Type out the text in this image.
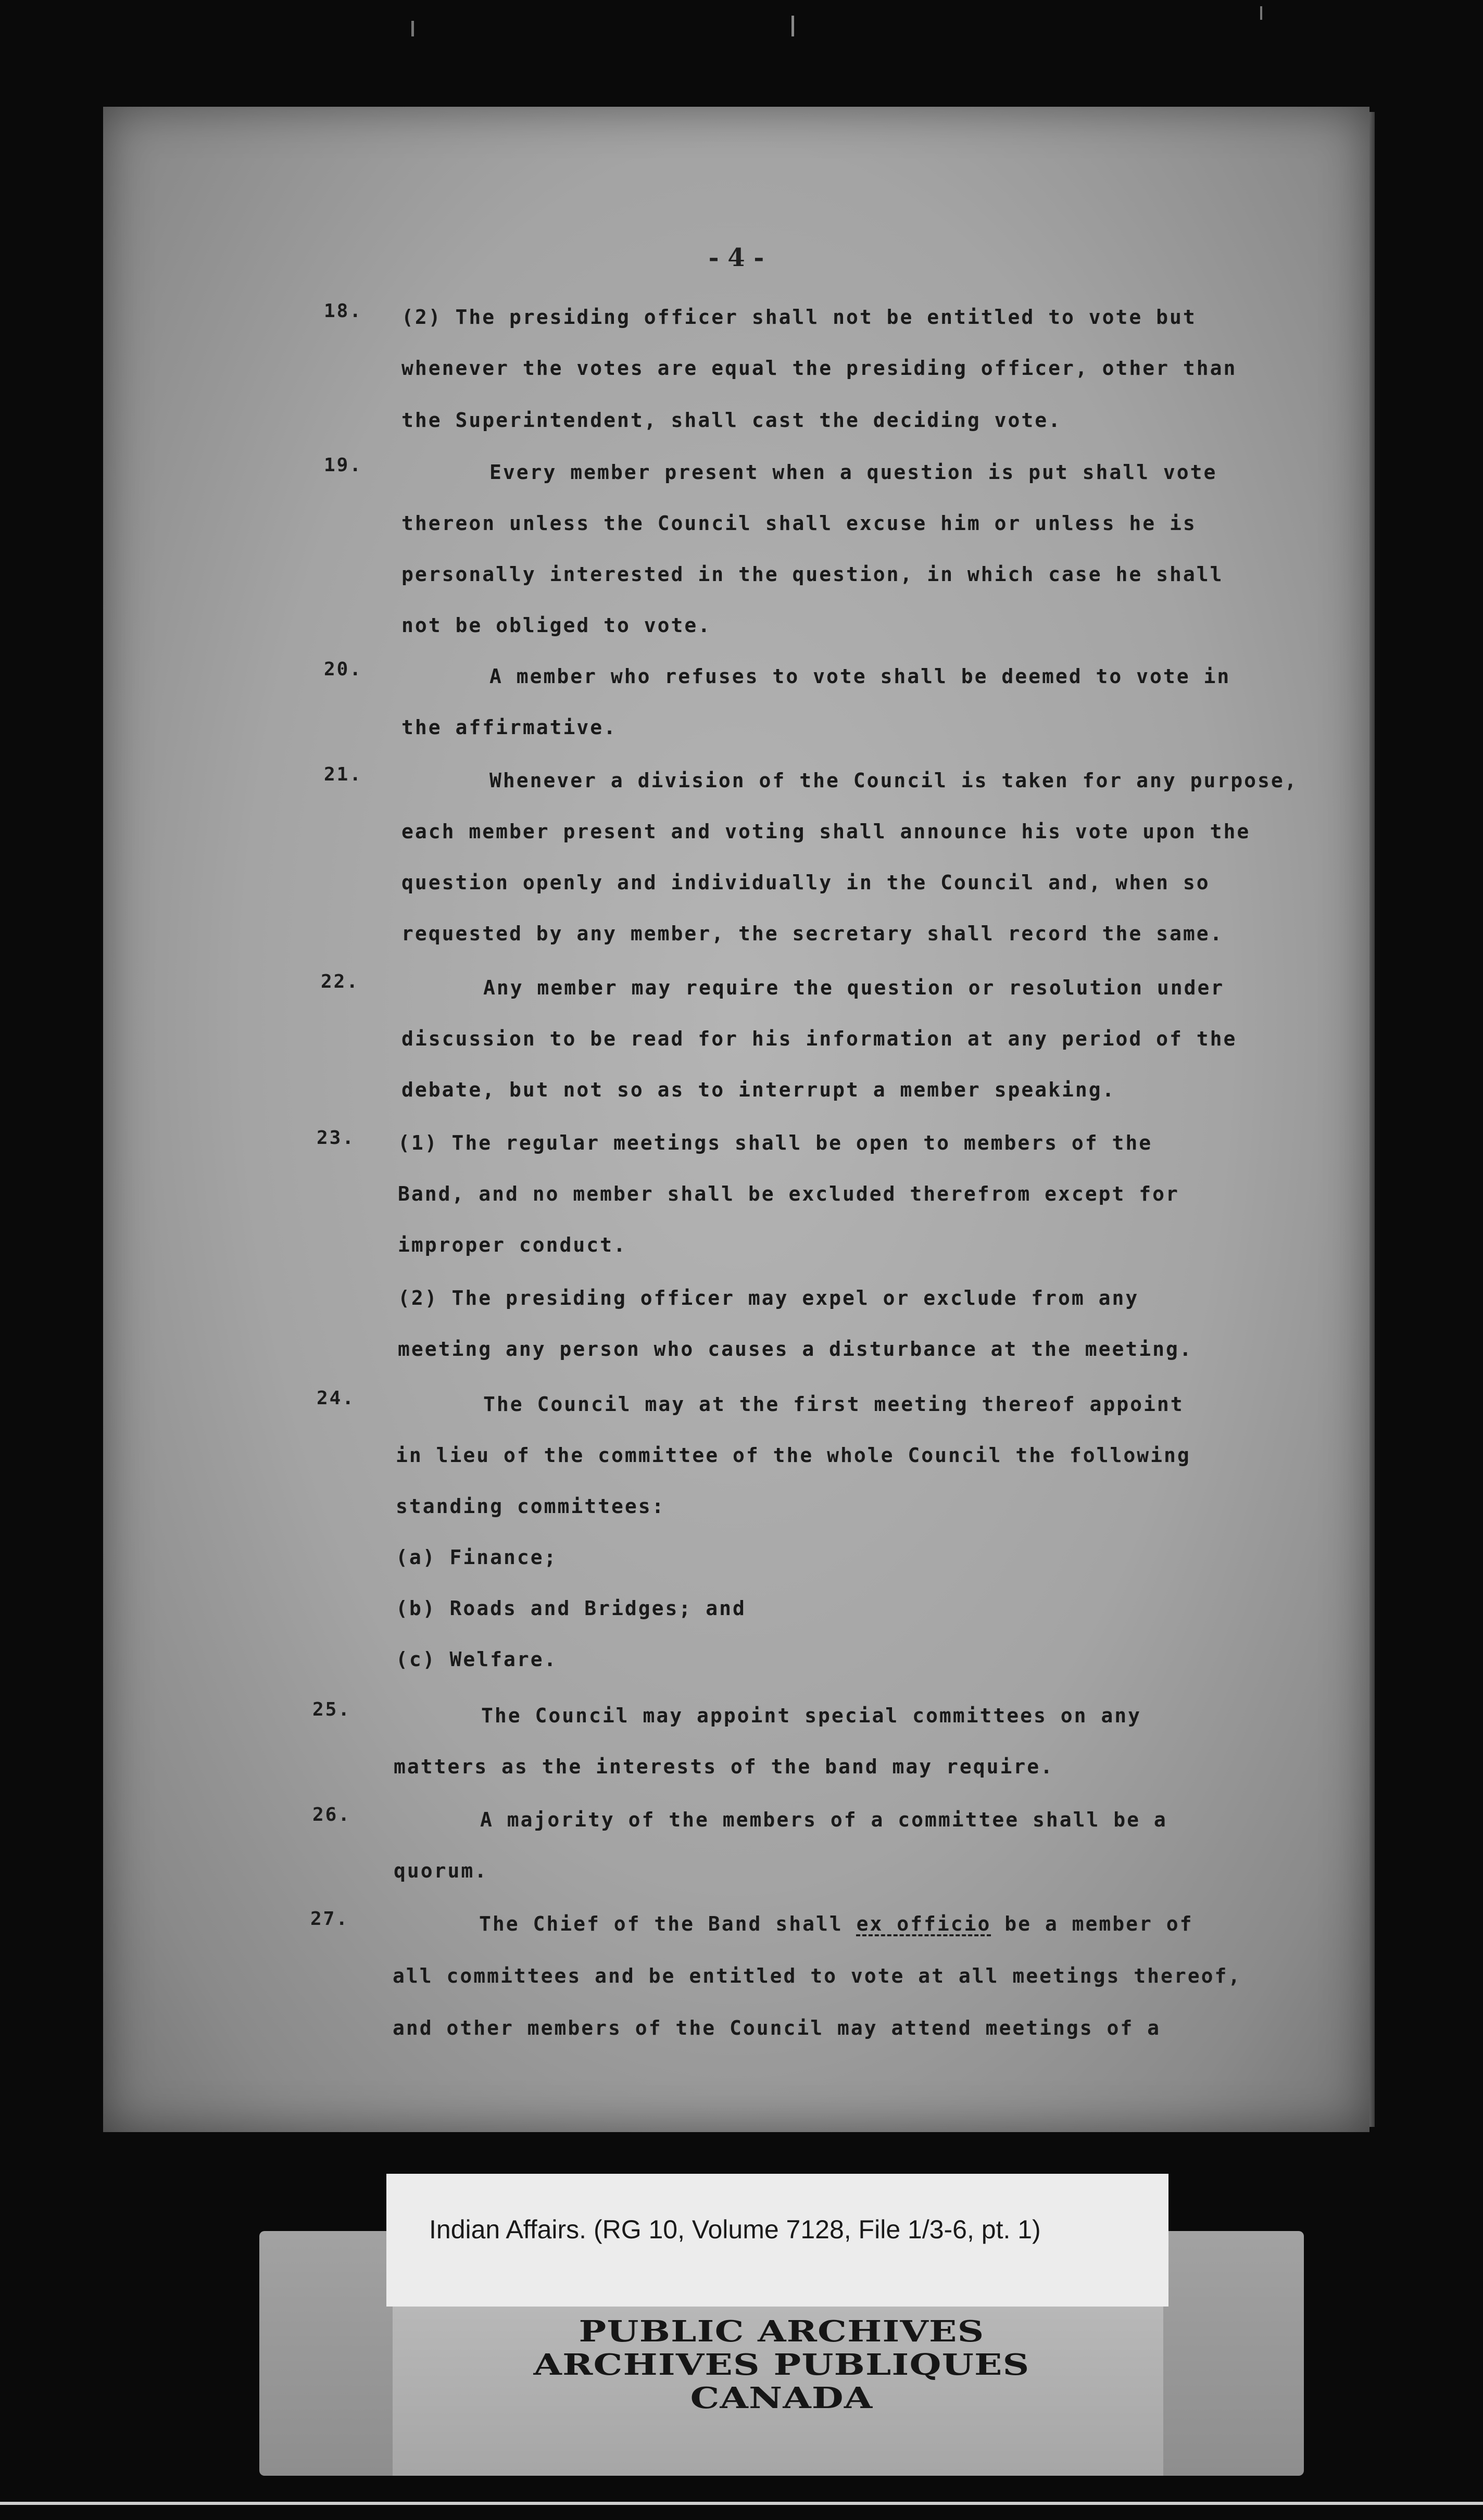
- 4 -
18. (2) The presiding officer shall not be entitled to vote but
whenever the votes are equal the presiding officer, other than
the Superintendent, shall cast the deciding vote.
19.	Every member present when a question is put shall vote
thereon unless the Council shall excuse him or unless he is
personally interested in the question, in which case he shall
not be obliged to vote.
20.	A member who refuses to vote shall be deemed to vote in
the affirmative.
21.	Whenever a division of the Council is taken for any purpose,
each member present and voting shall announce his vote upon the
question openly and individually in the Council and, when so
requested by any member, the secretary shall record the same.
22.	Any member may require the question or resolution under
discussion to be read for his information at any period of the
debate, but not so as to interrupt a member speaking.
23. (1) The regular meetings shall be open to members of the
Band, and no member shall be excluded therefrom except for
improper conduct.
(2) The presiding officer may expel or exclude from any
meeting any person who causes a disturbance at the meeting.
24.	The Council may at the first meeting thereof appoint
in lieu of the committee of the whole Council the following
standing committees:
(a) Finance;
(b) Roads and Bridges; and
(c) Welfare.
25.	The Council may appoint special committees on any
matters as the interests of the band may require.
26.	A majority of the members of a committee shall be a
quorum.
27.	The Chief of the Band shall ex officio be a member of
all committees and be entitled to vote at all meetings thereof,
and other members of the Council may attend meetings of a
PUBLIC ARCHIVES
ARCHIVES PUBLIQUES
CANADA
Indian Affairs. (RG 10, Volume 7128, File 1/3-6, pt. 1)
